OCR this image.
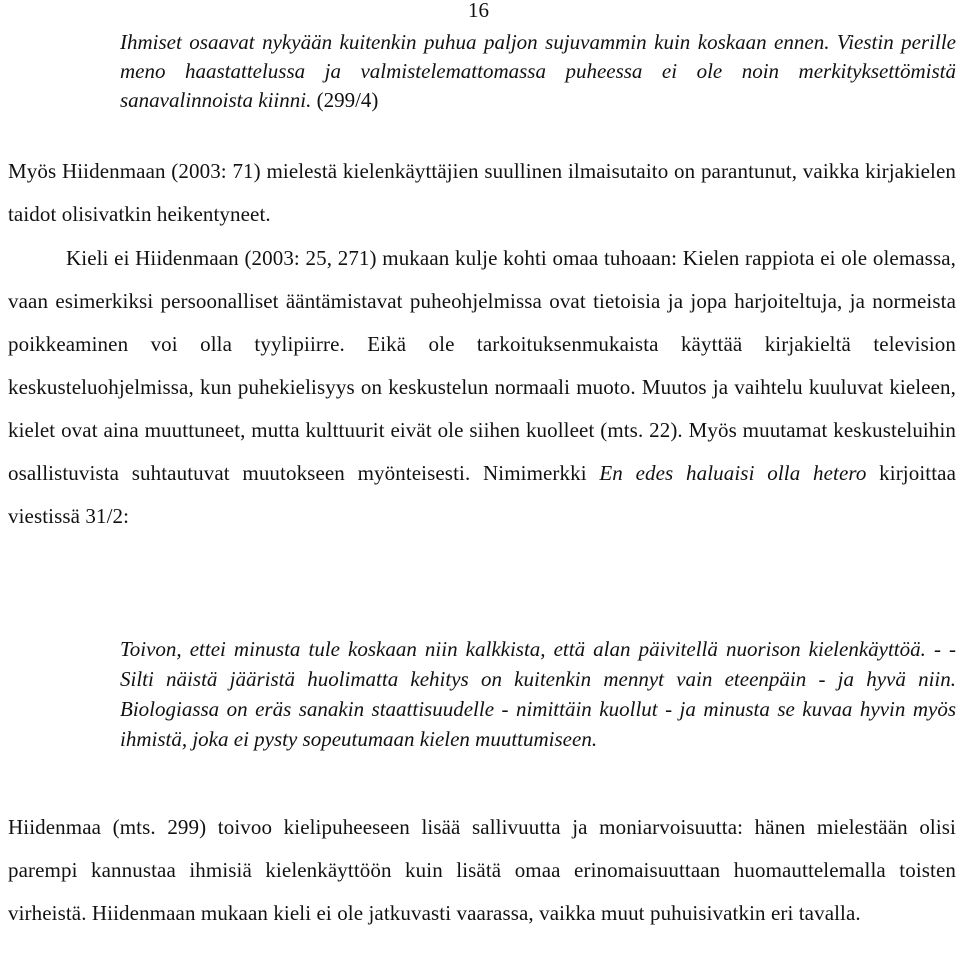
16

Ihmiset osaavat nykyään kuitenkin puhua paljon sujuvammin kuin koskaan ennen. Viestin perille meno haastattelussa ja valmistelemattomassa puheessa ei ole noin merkityksettömistä sanavalinnoista kiinni. (299/4)

Myös Hiidenmaan (2003: 71) mielestä kielenkäyttäjien suullinen ilmaisutaito on parantunut, vaikka kirjakielen taidot olisivatkin heikentyneet.

Kieli ei Hiidenmaan (2003: 25, 271) mukaan kulje kohti omaa tuhoaan: Kielen rappiota ei ole olemassa, vaan esimerkiksi persoonalliset ääntämistavat puheohjelmissa ovat tietoisia ja jopa harjoiteltuja, ja normeista poikkeaminen voi olla tyylipiirre. Eikä ole tarkoituksenmukaista käyttää kirjakieltä television keskusteluohjelmissa, kun puhekielisyys on keskustelun normaali muoto. Muutos ja vaihtelu kuuluvat kieleen, kielet ovat aina muuttuneet, mutta kulttuurit eivät ole siihen kuolleet (mts. 22). Myös muutamat keskusteluihin osallistuvista suhtautuvat muutokseen myönteisesti. Nimimerkki En edes haluaisi olla hetero kirjoittaa viestissä 31/2:

Toivon, ettei minusta tule koskaan niin kalkkista, että alan päivitellä nuorison kielenkäyttöä. - - Silti näistä jääristä huolimatta kehitys on kuitenkin mennyt vain eteenpäin - ja hyvä niin. Biologiassa on eräs sanakin staattisuudelle - nimittäin kuollut - ja minusta se kuvaa hyvin myös ihmistä, joka ei pysty sopeutumaan kielen muuttumiseen.

Hiidenmaa (mts. 299) toivoo kielipuheeseen lisää sallivuutta ja moniarvoisuutta: hänen mielestään olisi parempi kannustaa ihmisiä kielenkäyttöön kuin lisätä omaa erinomaisuuttaan huomauttelemalla toisten virheistä. Hiidenmaan mukaan kieli ei ole jatkuvasti vaarassa, vaikka muut puhuisivatkin eri tavalla.
